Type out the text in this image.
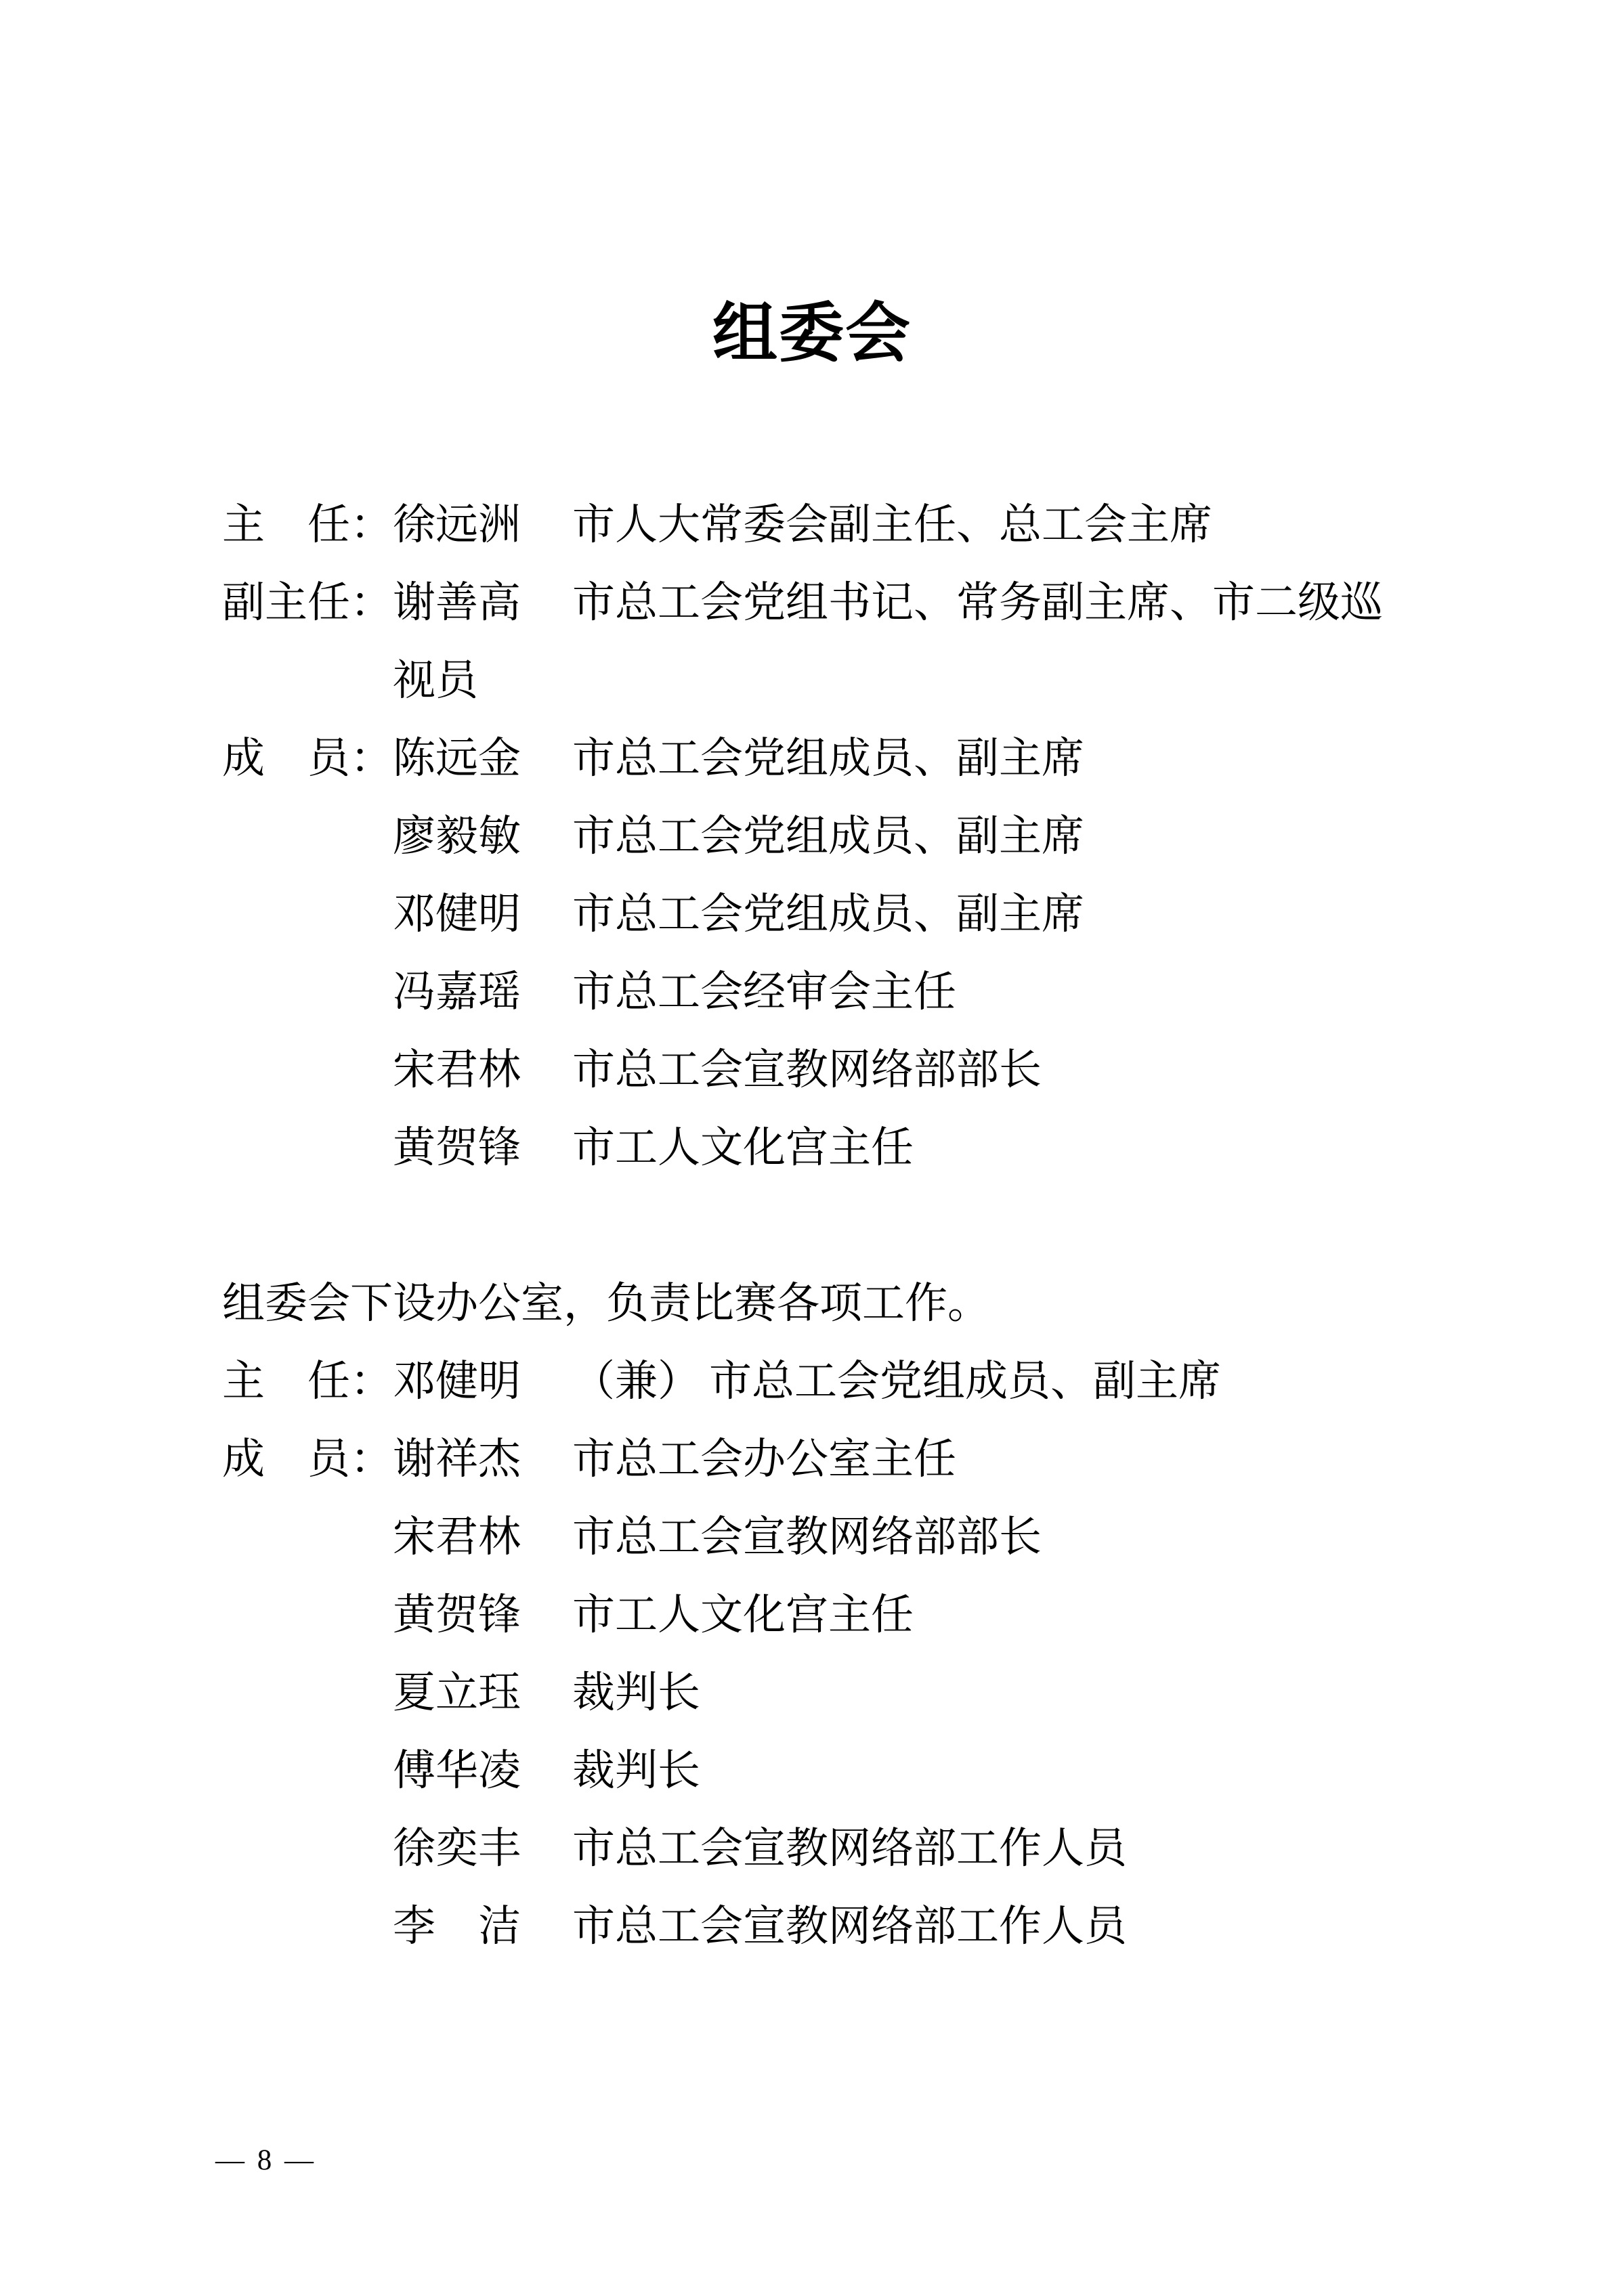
组委会
主　任： 徐远洲	市人大常委会副主任、总工会主席
副主任： 谢善高	市总工会党组书记、常务副主席、市二级巡
视员
成　员： 陈远金	市总工会党组成员、副主席
廖毅敏	市总工会党组成员、副主席
邓健明	市总工会党组成员、副主席
冯嘉瑶	市总工会经审会主任
宋君林	市总工会宣教网络部部长
黄贺锋	市工人文化宫主任
组委会下设办公室，负责比赛各项工作。
主　任： 邓健明	（兼） 市总工会党组成员、副主席
成　员： 谢祥杰	市总工会办公室主任
宋君林	市总工会宣教网络部部长
黄贺锋	市工人文化宫主任
夏立珏	裁判长
傅华凌	裁判长
徐奕丰	市总工会宣教网络部工作人员
李　洁	市总工会宣教网络部工作人员
— 8 —
